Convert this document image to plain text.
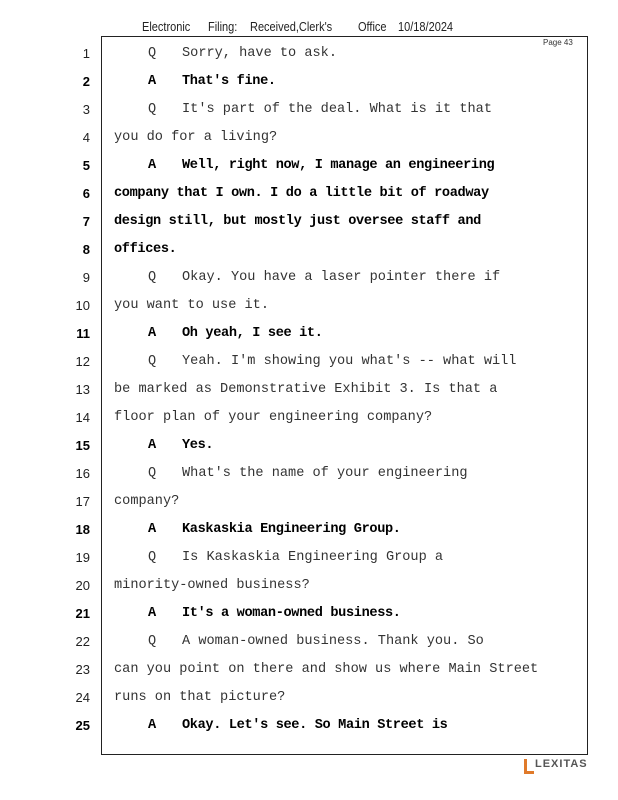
Electronic Filing: Received,Clerk's Office 10/18/2024
Page 43
1	Q Sorry, have to ask.
2	A That's fine.
3	Q It's part of the deal. What is it that
4 you do for a living?
5	A Well, right now, I manage an engineering
6 company that I own. I do a little bit of roadway
7 design still, but mostly just oversee staff and
8 offices.
9	Q Okay. You have a laser pointer there if
10 you want to use it.
11	A Oh yeah, I see it.
12	Q Yeah. I'm showing you what's -- what will
13 be marked as Demonstrative Exhibit 3. Is that a
14 floor plan of your engineering company?
15	A Yes.
16	Q What's the name of your engineering
17 company?
18	A Kaskaskia Engineering Group.
19	Q Is Kaskaskia Engineering Group a
20 minority-owned business?
21	A It's a woman-owned business.
22	Q A woman-owned business. Thank you. So
23 can you point on there and show us where Main Street
24 runs on that picture?
25	A Okay. Let's see. So Main Street is
LEXITAS
